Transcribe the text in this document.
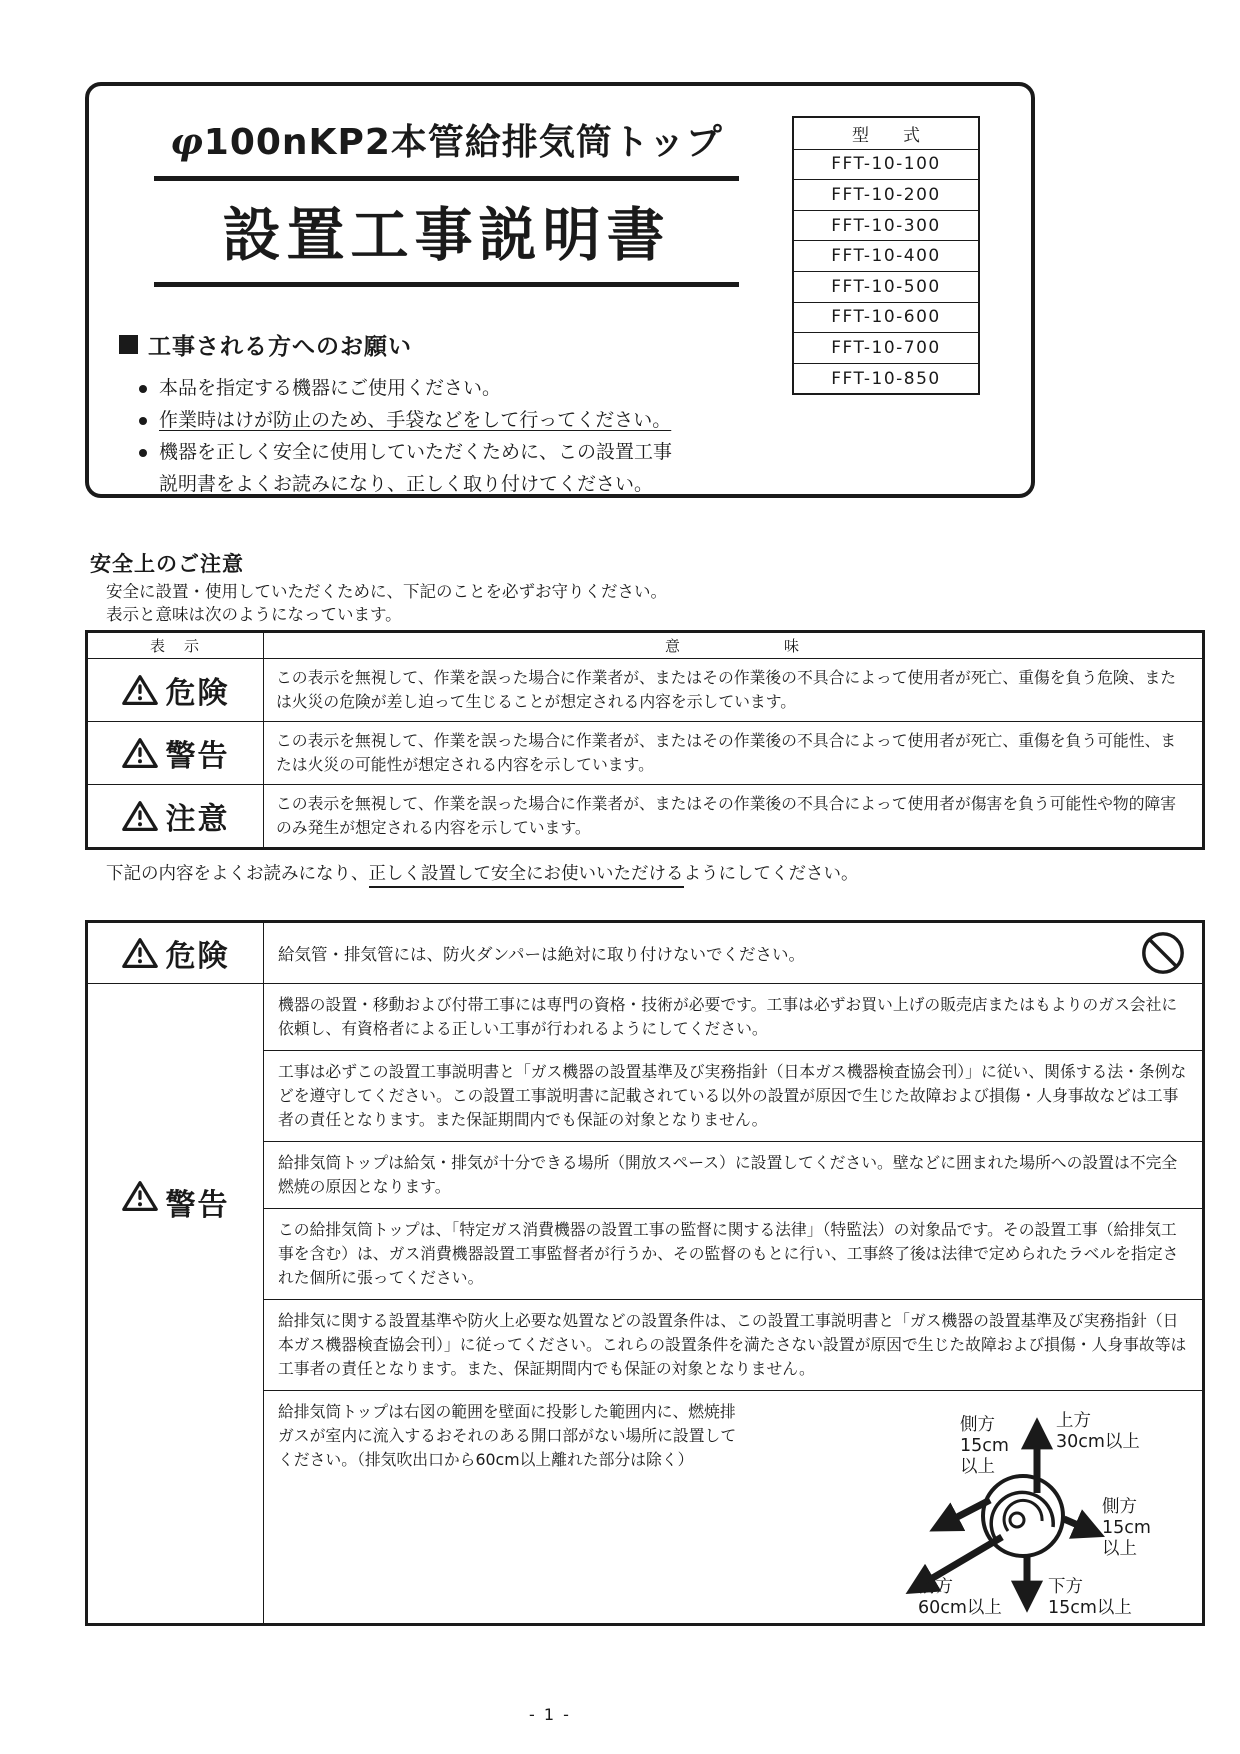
φ100nKP2本管給排気筒トップ
設置工事説明書
工事される方へのお願い
本品を指定する機器にご使用ください。
作業時はけが防止のため、手袋などをして行ってください。
機器を正しく安全に使用していただくために、この設置工事説明書をよくお読みになり、正しく取り付けてください。
型　　式
FFT-10-100
FFT-10-200
FFT-10-300
FFT-10-400
FFT-10-500
FFT-10-600
FFT-10-700
FFT-10-850
安全上のご注意
安全に設置・使用していただくために、下記のことを必ずお守りください。
表示と意味は次のようになっています。
表　示	意　　　　　　味
危険	この表示を無視して、作業を誤った場合に作業者が、またはその作業後の不具合によって使用者が死亡、重傷を負う危険、または火災の危険が差し迫って生じることが想定される内容を示しています。
警告	この表示を無視して、作業を誤った場合に作業者が、またはその作業後の不具合によって使用者が死亡、重傷を負う可能性、または火災の可能性が想定される内容を示しています。
注意	この表示を無視して、作業を誤った場合に作業者が、またはその作業後の不具合によって使用者が傷害を負う可能性や物的障害のみ発生が想定される内容を示しています。
下記の内容をよくお読みになり、正しく設置して安全にお使いいただけるようにしてください。
危険	給気管・排気管には、防火ダンパーは絶対に取り付けないでください。
警告
機器の設置・移動および付帯工事には専門の資格・技術が必要です。工事は必ずお買い上げの販売店またはもよりのガス会社に依頼し、有資格者による正しい工事が行われるようにしてください。
工事は必ずこの設置工事説明書と「ガス機器の設置基準及び実務指針（日本ガス機器検査協会刊）」に従い、関係する法・条例などを遵守してください。この設置工事説明書に記載されている以外の設置が原因で生じた故障および損傷・人身事故などは工事者の責任となります。また保証期間内でも保証の対象となりません。
給排気筒トップは給気・排気が十分できる場所（開放スペース）に設置してください。壁などに囲まれた場所への設置は不完全燃焼の原因となります。
この給排気筒トップは、「特定ガス消費機器の設置工事の監督に関する法律」（特監法）の対象品です。その設置工事（給排気工事を含む）は、ガス消費機器設置工事監督者が行うか、その監督のもとに行い、工事終了後は法律で定められたラベルを指定された個所に張ってください。
給排気に関する設置基準や防火上必要な処置などの設置条件は、この設置工事説明書と「ガス機器の設置基準及び実務指針（日本ガス機器検査協会刊）」に従ってください。これらの設置条件を満たさない設置が原因で生じた故障および損傷・人身事故等は工事者の責任となります。また、保証期間内でも保証の対象となりません。
給排気筒トップは右図の範囲を壁面に投影した範囲内に、燃焼排ガスが室内に流入するおそれのある開口部がない場所に設置してください。（排気吹出口から60cm以上離れた部分は除く）
側方
15cm
以上
上方
30cm以上
側方
15cm
以上
前方
60cm以上
下方
15cm以上
- 1 -
